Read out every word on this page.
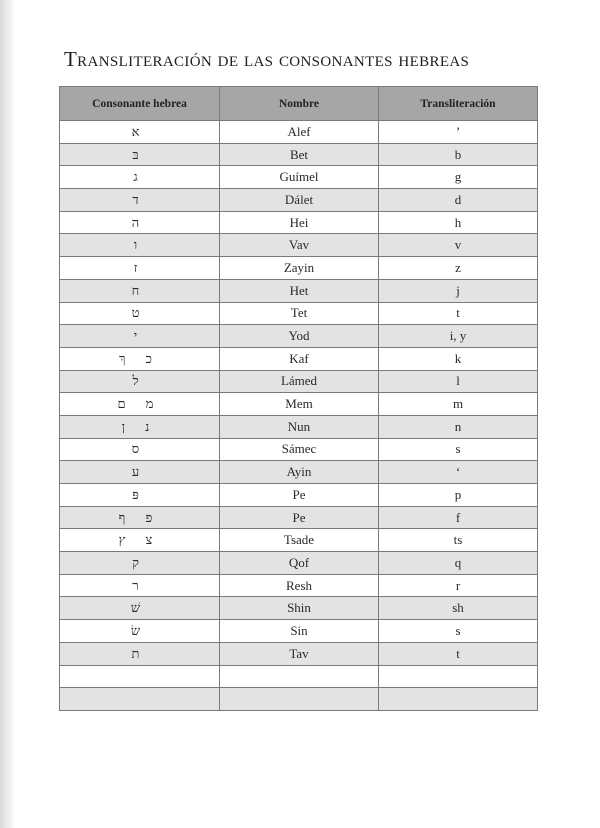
Transliteración de las consonantes hebreas
Consonante hebrea	Nombre	Transliteración
א	Alef	ʼ
בּ	Bet	b
ג	Guímel	g
ד	Dálet	d
ה	Hei	h
ו	Vav	v
ז	Zayin	z
ח	Het	j
ט	Tet	t
י	Yod	i, y
כ ךְ	Kaf	k
ל	Lámed	l
מ ם	Mem	m
נ ן	Nun	n
ס	Sámec	s
ע	Ayin	ʻ
פּ	Pe	p
פ ף	Pe	f
צ ץ	Tsade	ts
ק	Qof	q
ר	Resh	r
שׁ	Shin	sh
שׂ	Sin	s
ת	Tav	t
